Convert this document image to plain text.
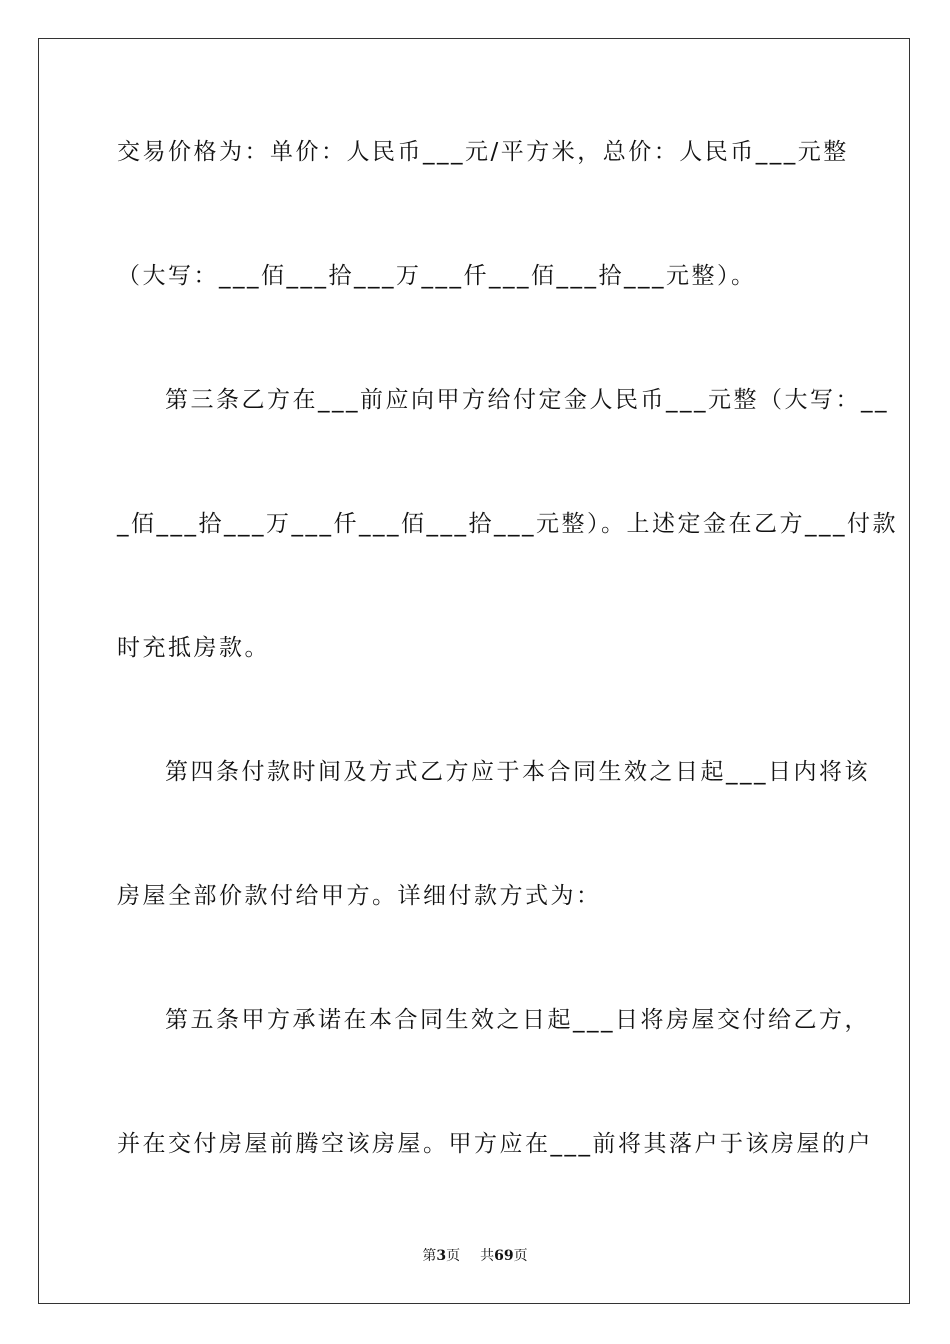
交易价格为：单价：人民币___元/平方米，总价：人民币___元整
（大写：___佰___拾___万___仟___佰___拾___元整）。
第三条乙方在___前应向甲方给付定金人民币___元整（大写：__
_佰___拾___万___仟___佰___拾___元整）。上述定金在乙方___付款
时充抵房款。
第四条付款时间及方式乙方应于本合同生效之日起___日内将该
房屋全部价款付给甲方。详细付款方式为：
第五条甲方承诺在本合同生效之日起___日将房屋交付给乙方，
并在交付房屋前腾空该房屋。甲方应在___前将其落户于该房屋的户
第3页 共69页
